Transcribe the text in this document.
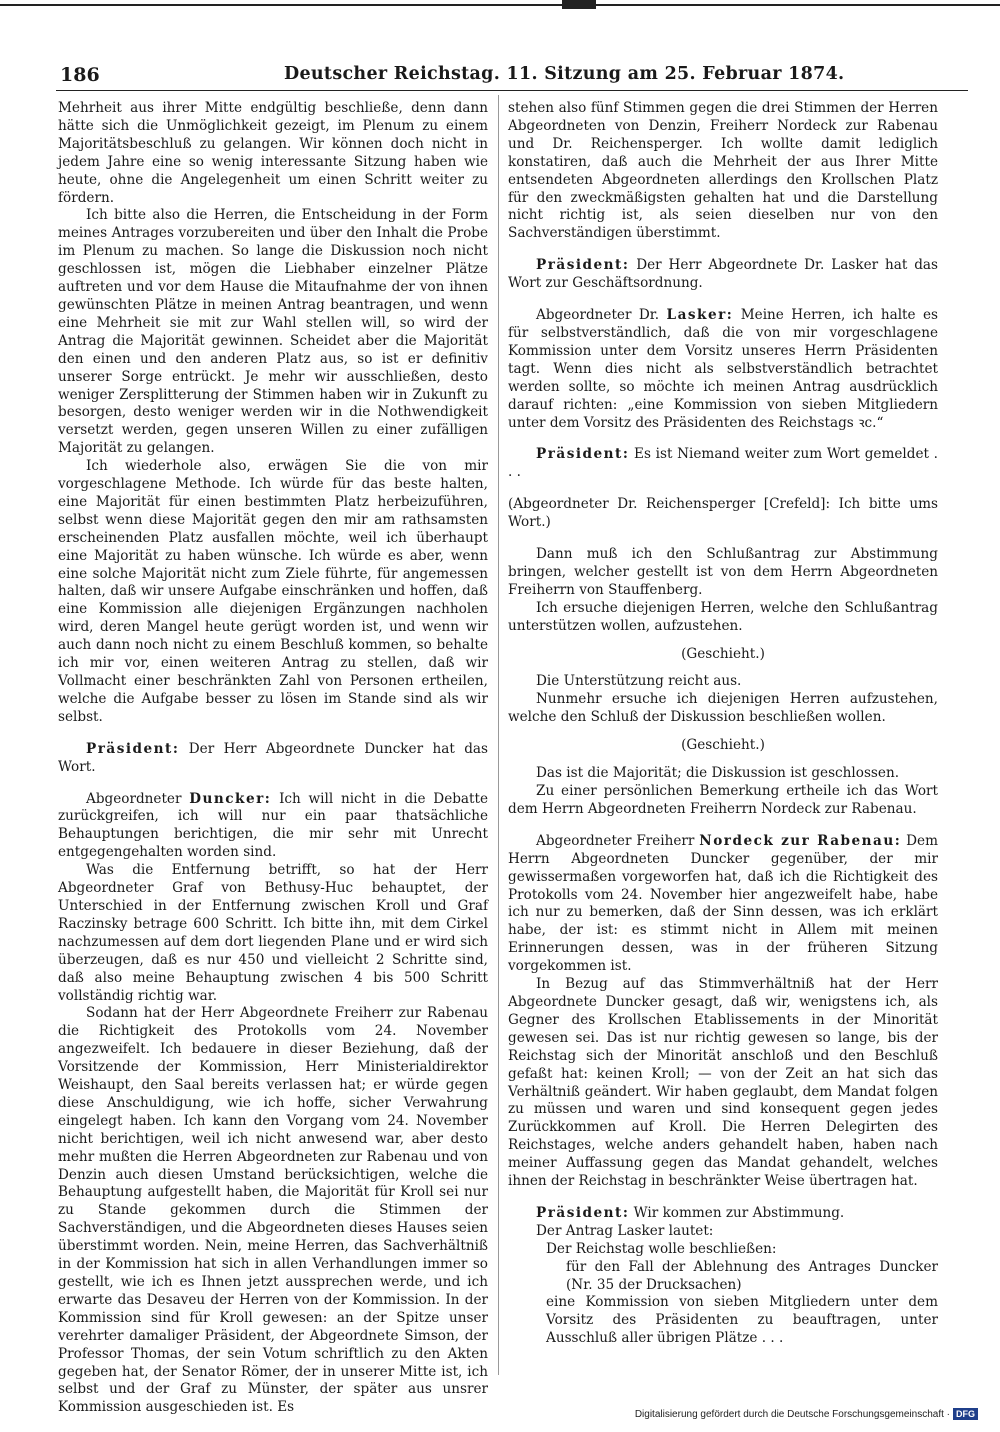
186	Deutscher Reichstag. 11. Sitzung am 25. Februar 1874.

Mehrheit aus ihrer Mitte endgültig beschließe, denn dann hätte sich die Unmöglichkeit gezeigt, im Plenum zu einem Majoritätsbeschluß zu gelangen. Wir können doch nicht in jedem Jahre eine so wenig interessante Sitzung haben wie heute, ohne die Angelegenheit um einen Schritt weiter zu fördern.

Ich bitte also die Herren, die Entscheidung in der Form meines Antrages vorzubereiten und über den Inhalt die Probe im Plenum zu machen. So lange die Diskussion noch nicht geschlossen ist, mögen die Liebhaber einzelner Plätze auftreten und vor dem Hause die Mitaufnahme der von ihnen gewünschten Plätze in meinen Antrag beantragen, und wenn eine Mehrheit sie mit zur Wahl stellen will, so wird der Antrag die Majorität gewinnen. Scheidet aber die Majorität den einen und den anderen Platz aus, so ist er definitiv unserer Sorge entrückt. Je mehr wir ausschließen, desto weniger Zersplitterung der Stimmen haben wir in Zukunft zu besorgen, desto weniger werden wir in die Nothwendigkeit versetzt werden, gegen unseren Willen zu einer zufälligen Majorität zu gelangen.

Ich wiederhole also, erwägen Sie die von mir vorgeschlagene Methode. Ich würde für das beste halten, eine Majorität für einen bestimmten Platz herbeizuführen, selbst wenn diese Majorität gegen den mir am rathsamsten erscheinenden Platz ausfallen möchte, weil ich überhaupt eine Majorität zu haben wünsche. Ich würde es aber, wenn eine solche Majorität nicht zum Ziele führte, für angemessen halten, daß wir unsere Aufgabe einschränken und hoffen, daß eine Kommission alle diejenigen Ergänzungen nachholen wird, deren Mangel heute gerügt worden ist, und wenn wir auch dann noch nicht zu einem Beschluß kommen, so behalte ich mir vor, einen weiteren Antrag zu stellen, daß wir Vollmacht einer beschränkten Zahl von Personen ertheilen, welche die Aufgabe besser zu lösen im Stande sind als wir selbst.

Präsident: Der Herr Abgeordnete Duncker hat das Wort.

Abgeordneter Duncker: Ich will nicht in die Debatte zurückgreifen, ich will nur ein paar thatsächliche Behauptungen berichtigen, die mir sehr mit Unrecht entgegengehalten worden sind.

Was die Entfernung betrifft, so hat der Herr Abgeordneter Graf von Bethusy-Huc behauptet, der Unterschied in der Entfernung zwischen Kroll und Graf Raczinsky betrage 600 Schritt. Ich bitte ihn, mit dem Cirkel nachzumessen auf dem dort liegenden Plane und er wird sich überzeugen, daß es nur 450 und vielleicht 2 Schritte sind, daß also meine Behauptung zwischen 4 bis 500 Schritt vollständig richtig war.

Sodann hat der Herr Abgeordnete Freiherr zur Rabenau die Richtigkeit des Protokolls vom 24. November angezweifelt. Ich bedauere in dieser Beziehung, daß der Vorsitzende der Kommission, Herr Ministerialdirektor Weishaupt, den Saal bereits verlassen hat; er würde gegen diese Anschuldigung, wie ich hoffe, sicher Verwahrung eingelegt haben. Ich kann den Vorgang vom 24. November nicht berichtigen, weil ich nicht anwesend war, aber desto mehr mußten die Herren Abgeordneten zur Rabenau und von Denzin auch diesen Umstand berücksichtigen, welche die Behauptung aufgestellt haben, die Majorität für Kroll sei nur zu Stande gekommen durch die Stimmen der Sachverständigen, und die Abgeordneten dieses Hauses seien überstimmt worden. Nein, meine Herren, das Sachverhältniß in der Kommission hat sich in allen Verhandlungen immer so gestellt, wie ich es Ihnen jetzt aussprechen werde, und ich erwarte das Desaveu der Herren von der Kommission. In der Kommission sind für Kroll gewesen: an der Spitze unser verehrter damaliger Präsident, der Abgeordnete Simson, der Professor Thomas, der sein Votum schriftlich zu den Akten gegeben hat, der Senator Römer, der in unserer Mitte ist, ich selbst und der Graf zu Münster, der später aus unsrer Kommission ausgeschieden ist. Es

stehen also fünf Stimmen gegen die drei Stimmen der Herren Abgeordneten von Denzin, Freiherr Nordeck zur Rabenau und Dr. Reichensperger. Ich wollte damit lediglich konstatiren, daß auch die Mehrheit der aus Ihrer Mitte entsendeten Abgeordneten allerdings den Krollschen Platz für den zweckmäßigsten gehalten hat und die Darstellung nicht richtig ist, als seien dieselben nur von den Sachverständigen überstimmt.

Präsident: Der Herr Abgeordnete Dr. Lasker hat das Wort zur Geschäftsordnung.

Abgeordneter Dr. Lasker: Meine Herren, ich halte es für selbstverständlich, daß die von mir vorgeschlagene Kommission unter dem Vorsitz unseres Herrn Präsidenten tagt. Wenn dies nicht als selbstverständlich betrachtet werden sollte, so möchte ich meinen Antrag ausdrücklich darauf richten: „eine Kommission von sieben Mitgliedern unter dem Vorsitz des Präsidenten des Reichstags ꝛc.“

Präsident: Es ist Niemand weiter zum Wort gemeldet . . .

(Abgeordneter Dr. Reichensperger [Crefeld]: Ich bitte ums Wort.)

Dann muß ich den Schlußantrag zur Abstimmung bringen, welcher gestellt ist von dem Herrn Abgeordneten Freiherrn von Stauffenberg.

Ich ersuche diejenigen Herren, welche den Schlußantrag unterstützen wollen, aufzustehen.

(Geschieht.)

Die Unterstützung reicht aus.

Nunmehr ersuche ich diejenigen Herren aufzustehen, welche den Schluß der Diskussion beschließen wollen.

(Geschieht.)

Das ist die Majorität; die Diskussion ist geschlossen.

Zu einer persönlichen Bemerkung ertheile ich das Wort dem Herrn Abgeordneten Freiherrn Nordeck zur Rabenau.

Abgeordneter Freiherr Nordeck zur Rabenau: Dem Herrn Abgeordneten Duncker gegenüber, der mir gewissermaßen vorgeworfen hat, daß ich die Richtigkeit des Protokolls vom 24. November hier angezweifelt habe, habe ich nur zu bemerken, daß der Sinn dessen, was ich erklärt habe, der ist: es stimmt nicht in Allem mit meinen Erinnerungen dessen, was in der früheren Sitzung vorgekommen ist.

In Bezug auf das Stimmverhältniß hat der Herr Abgeordnete Duncker gesagt, daß wir, wenigstens ich, als Gegner des Krollschen Etablissements in der Minorität gewesen sei. Das ist nur richtig gewesen so lange, bis der Reichstag sich der Minorität anschloß und den Beschluß gefaßt hat: keinen Kroll; — von der Zeit an hat sich das Verhältniß geändert. Wir haben geglaubt, dem Mandat folgen zu müssen und waren und sind konsequent gegen jedes Zurückkommen auf Kroll. Die Herren Delegirten des Reichstages, welche anders gehandelt haben, haben nach meiner Auffassung gegen das Mandat gehandelt, welches ihnen der Reichstag in beschränkter Weise übertragen hat.

Präsident: Wir kommen zur Abstimmung.

Der Antrag Lasker lautet:

Der Reichstag wolle beschließen:

für den Fall der Ablehnung des Antrages Duncker (Nr. 35 der Drucksachen)

eine Kommission von sieben Mitgliedern unter dem Vorsitz des Präsidenten zu beauftragen, unter Ausschluß aller übrigen Plätze . . .

Digitalisierung gefördert durch die Deutsche Forschungsgemeinschaft · DFG
